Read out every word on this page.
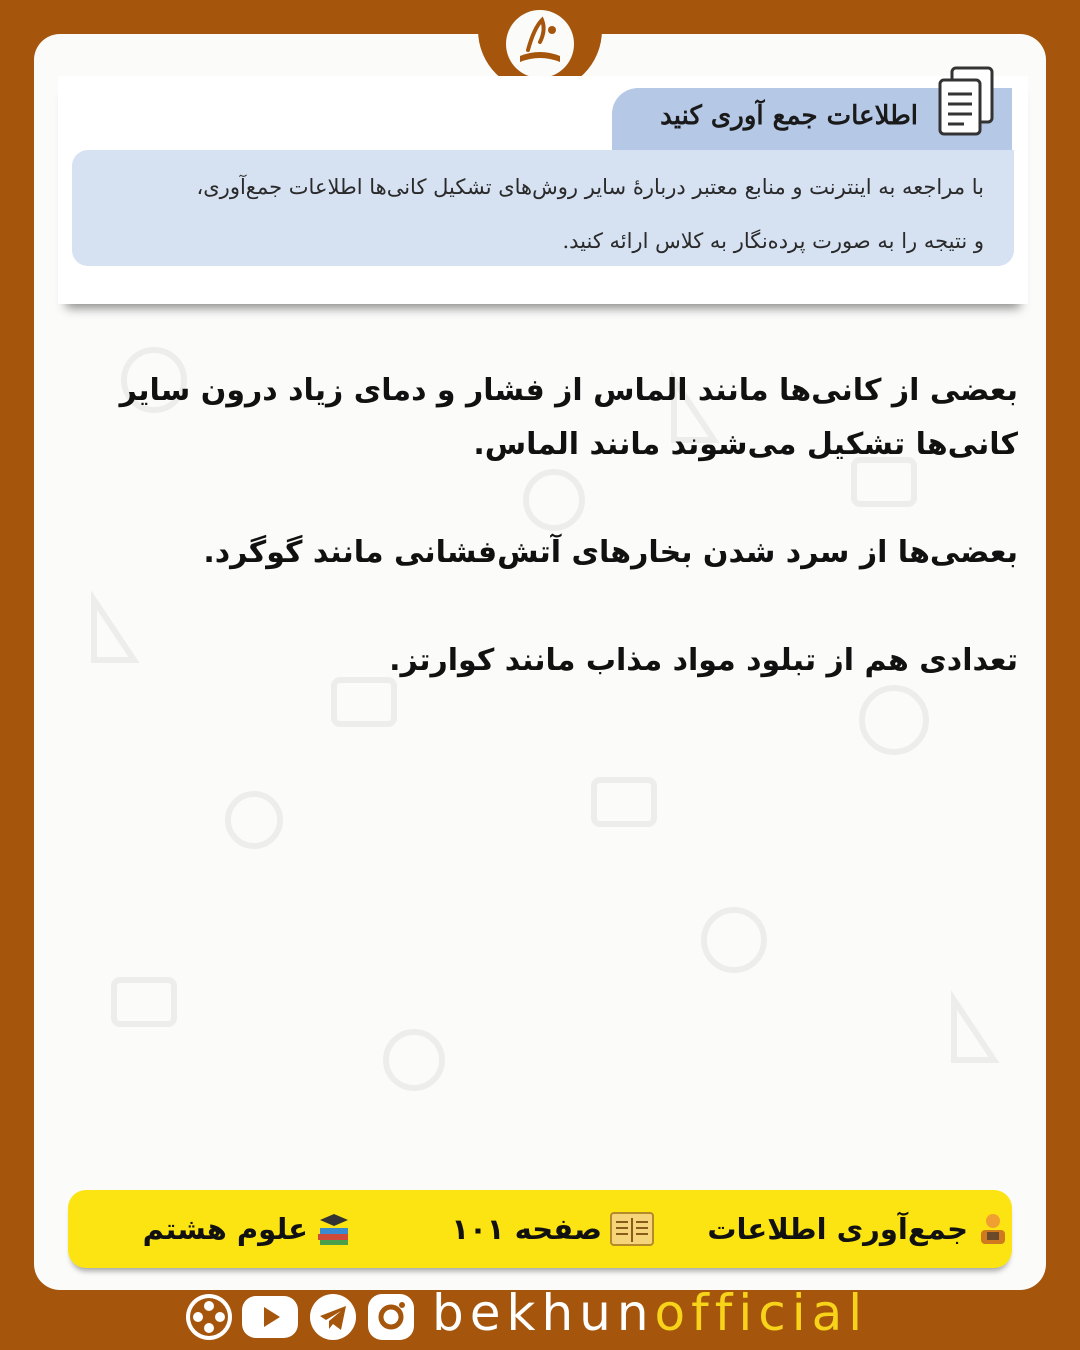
اطلاعات جمع آوری کنید

با مراجعه به اینترنت و منابع معتبر دربارهٔ سایر روش‌های تشکیل کانی‌ها اطلاعات جمع‌آوری،

و نتیجه را به صورت پرده‌نگار به کلاس ارائه کنید.

بعضی از کانی‌ها مانند الماس از فشار و دمای زیاد درون سایر کانی‌ها تشکیل می‌شوند مانند الماس.

بعضی‌ها از سرد شدن بخارهای آتش‌فشانی مانند گوگرد.

تعدادی هم از تبلود مواد مذاب مانند کوارتز.

جمع‌آوری اطلاعات
صفحه ۱۰۱
علوم هشتم
bekhunofficial
